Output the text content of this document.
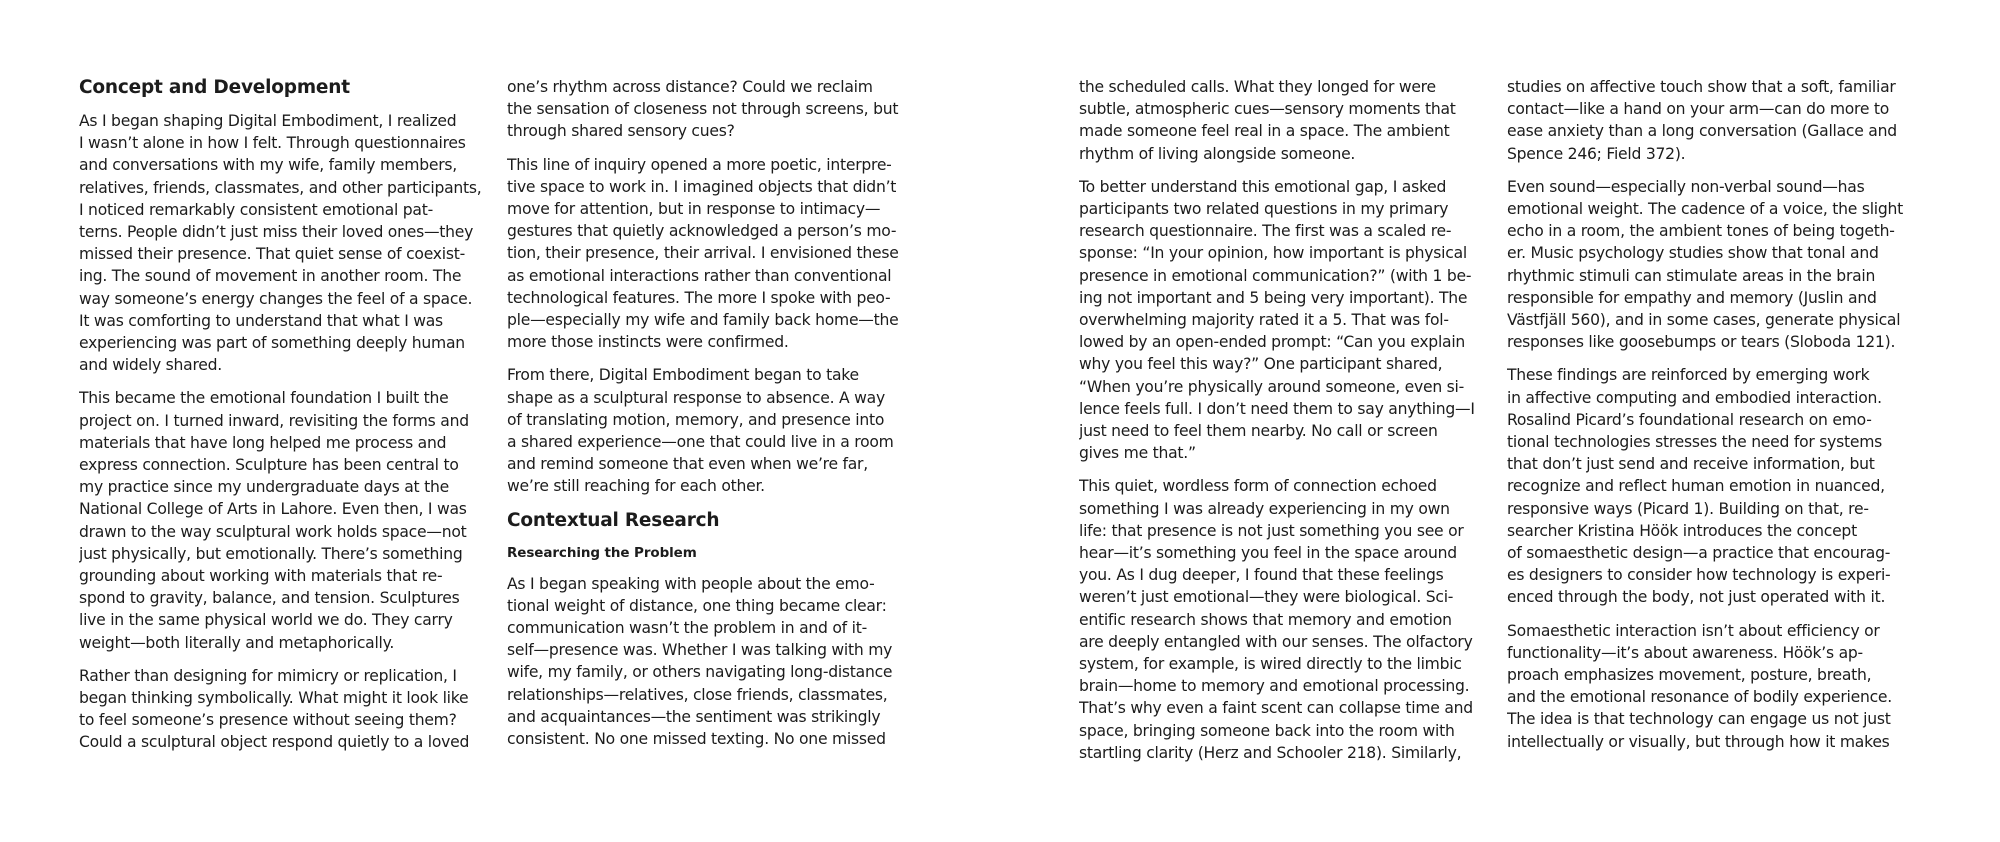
Concept and Development

As I began shaping Digital Embodiment, I realized
I wasn’t alone in how I felt. Through questionnaires
and conversations with my wife, family members,
relatives, friends, classmates, and other participants,
I noticed remarkably consistent emotional pat-
terns. People didn’t just miss their loved ones—they
missed their presence. That quiet sense of coexist-
ing. The sound of movement in another room. The
way someone’s energy changes the feel of a space.
It was comforting to understand that what I was
experiencing was part of something deeply human
and widely shared.

This became the emotional foundation I built the
project on. I turned inward, revisiting the forms and
materials that have long helped me process and
express connection. Sculpture has been central to
my practice since my undergraduate days at the
National College of Arts in Lahore. Even then, I was
drawn to the way sculptural work holds space—not
just physically, but emotionally. There’s something
grounding about working with materials that re-
spond to gravity, balance, and tension. Sculptures
live in the same physical world we do. They carry
weight—both literally and metaphorically.

Rather than designing for mimicry or replication, I
began thinking symbolically. What might it look like
to feel someone’s presence without seeing them?
Could a sculptural object respond quietly to a loved

one’s rhythm across distance? Could we reclaim
the sensation of closeness not through screens, but
through shared sensory cues?

This line of inquiry opened a more poetic, interpre-
tive space to work in. I imagined objects that didn’t
move for attention, but in response to intimacy—
gestures that quietly acknowledged a person’s mo-
tion, their presence, their arrival. I envisioned these
as emotional interactions rather than conventional
technological features. The more I spoke with peo-
ple—especially my wife and family back home—the
more those instincts were confirmed.

From there, Digital Embodiment began to take
shape as a sculptural response to absence. A way
of translating motion, memory, and presence into
a shared experience—one that could live in a room
and remind someone that even when we’re far,
we’re still reaching for each other.

Contextual Research
Researching the Problem

As I began speaking with people about the emo-
tional weight of distance, one thing became clear:
communication wasn’t the problem in and of it-
self—presence was. Whether I was talking with my
wife, my family, or others navigating long-distance
relationships—relatives, close friends, classmates,
and acquaintances—the sentiment was strikingly
consistent. No one missed texting. No one missed

the scheduled calls. What they longed for were
subtle, atmospheric cues—sensory moments that
made someone feel real in a space. The ambient
rhythm of living alongside someone.

To better understand this emotional gap, I asked
participants two related questions in my primary
research questionnaire. The first was a scaled re-
sponse: “In your opinion, how important is physical
presence in emotional communication?” (with 1 be-
ing not important and 5 being very important). The
overwhelming majority rated it a 5. That was fol-
lowed by an open-ended prompt: “Can you explain
why you feel this way?” One participant shared,
“When you’re physically around someone, even si-
lence feels full. I don’t need them to say anything—I
just need to feel them nearby. No call or screen
gives me that.”

This quiet, wordless form of connection echoed
something I was already experiencing in my own
life: that presence is not just something you see or
hear—it’s something you feel in the space around
you. As I dug deeper, I found that these feelings
weren’t just emotional—they were biological. Sci-
entific research shows that memory and emotion
are deeply entangled with our senses. The olfactory
system, for example, is wired directly to the limbic
brain—home to memory and emotional processing.
That’s why even a faint scent can collapse time and
space, bringing someone back into the room with
startling clarity (Herz and Schooler 218). Similarly,

studies on affective touch show that a soft, familiar
contact—like a hand on your arm—can do more to
ease anxiety than a long conversation (Gallace and
Spence 246; Field 372).

Even sound—especially non-verbal sound—has
emotional weight. The cadence of a voice, the slight
echo in a room, the ambient tones of being togeth-
er. Music psychology studies show that tonal and
rhythmic stimuli can stimulate areas in the brain
responsible for empathy and memory (Juslin and
Västfjäll 560), and in some cases, generate physical
responses like goosebumps or tears (Sloboda 121).

These findings are reinforced by emerging work
in affective computing and embodied interaction.
Rosalind Picard’s foundational research on emo-
tional technologies stresses the need for systems
that don’t just send and receive information, but
recognize and reflect human emotion in nuanced,
responsive ways (Picard 1). Building on that, re-
searcher Kristina Höök introduces the concept
of somaesthetic design—a practice that encourag-
es designers to consider how technology is experi-
enced through the body, not just operated with it.

Somaesthetic interaction isn’t about efficiency or
functionality—it’s about awareness. Höök’s ap-
proach emphasizes movement, posture, breath,
and the emotional resonance of bodily experience.
The idea is that technology can engage us not just
intellectually or visually, but through how it makes
